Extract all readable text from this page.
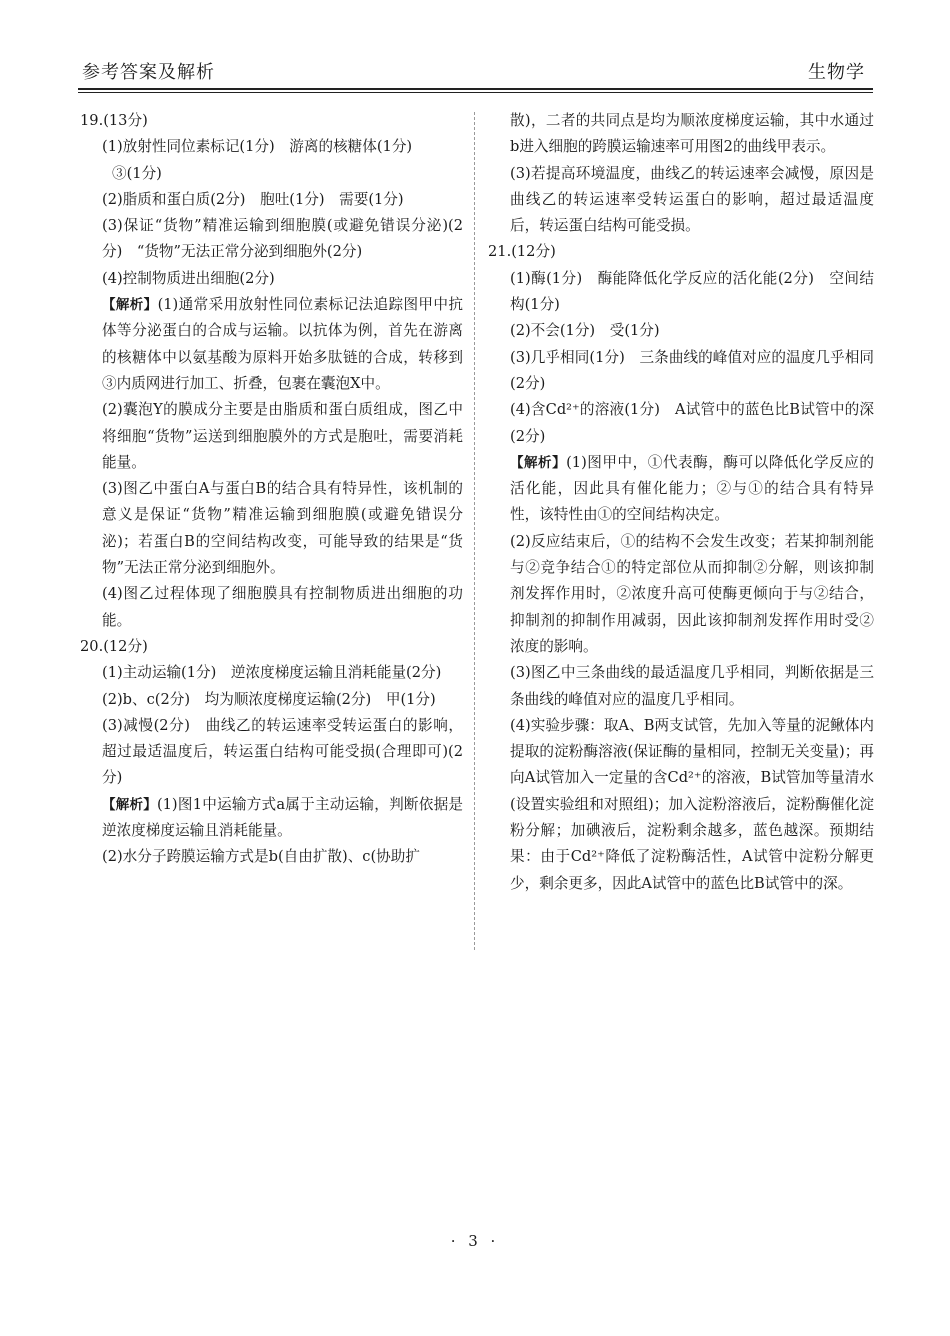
参考答案及解析	生物学
19.(13分)
(1)放射性同位素标记(1分)　游离的核糖体(1分)
③(1分)
(2)脂质和蛋白质(2分)　胞吐(1分)　需要(1分)
(3)保证“货物”精准运输到细胞膜(或避免错误分泌)(2分)　“货物”无法正常分泌到细胞外(2分)
(4)控制物质进出细胞(2分)
【解析】(1)通常采用放射性同位素标记法追踪图甲中抗体等分泌蛋白的合成与运输。以抗体为例，首先在游离的核糖体中以氨基酸为原料开始多肽链的合成，转移到③内质网进行加工、折叠，包裹在囊泡X中。
(2)囊泡Y的膜成分主要是由脂质和蛋白质组成，图乙中将细胞“货物”运送到细胞膜外的方式是胞吐，需要消耗能量。
(3)图乙中蛋白A与蛋白B的结合具有特异性，该机制的意义是保证“货物”精准运输到细胞膜(或避免错误分泌)；若蛋白B的空间结构改变，可能导致的结果是“货物”无法正常分泌到细胞外。
(4)图乙过程体现了细胞膜具有控制物质进出细胞的功能。
20.(12分)
(1)主动运输(1分)　逆浓度梯度运输且消耗能量(2分)
(2)b、c(2分)　均为顺浓度梯度运输(2分)　甲(1分)
(3)减慢(2分)　曲线乙的转运速率受转运蛋白的影响，超过最适温度后，转运蛋白结构可能受损(合理即可)(2分)
【解析】(1)图1中运输方式a属于主动运输，判断依据是逆浓度梯度运输且消耗能量。
(2)水分子跨膜运输方式是b(自由扩散)、c(协助扩
散)，二者的共同点是均为顺浓度梯度运输，其中水通过b进入细胞的跨膜运输速率可用图2的曲线甲表示。
(3)若提高环境温度，曲线乙的转运速率会减慢，原因是曲线乙的转运速率受转运蛋白的影响，超过最适温度后，转运蛋白结构可能受损。
21.(12分)
(1)酶(1分)　酶能降低化学反应的活化能(2分)　空间结构(1分)
(2)不会(1分)　受(1分)
(3)几乎相同(1分)　三条曲线的峰值对应的温度几乎相同(2分)
(4)含Cd²⁺的溶液(1分)　A试管中的蓝色比B试管中的深(2分)
【解析】(1)图甲中，①代表酶，酶可以降低化学反应的活化能，因此具有催化能力；②与①的结合具有特异性，该特性由①的空间结构决定。
(2)反应结束后，①的结构不会发生改变；若某抑制剂能与②竞争结合①的特定部位从而抑制②分解，则该抑制剂发挥作用时，②浓度升高可使酶更倾向于与②结合，抑制剂的抑制作用减弱，因此该抑制剂发挥作用时受②浓度的影响。
(3)图乙中三条曲线的最适温度几乎相同，判断依据是三条曲线的峰值对应的温度几乎相同。
(4)实验步骤：取A、B两支试管，先加入等量的泥鳅体内提取的淀粉酶溶液(保证酶的量相同，控制无关变量)；再向A试管加入一定量的含Cd²⁺的溶液，B试管加等量清水(设置实验组和对照组)；加入淀粉溶液后，淀粉酶催化淀粉分解；加碘液后，淀粉剩余越多，蓝色越深。预期结果：由于Cd²⁺降低了淀粉酶活性，A试管中淀粉分解更少，剩余更多，因此A试管中的蓝色比B试管中的深。
· 3 ·
